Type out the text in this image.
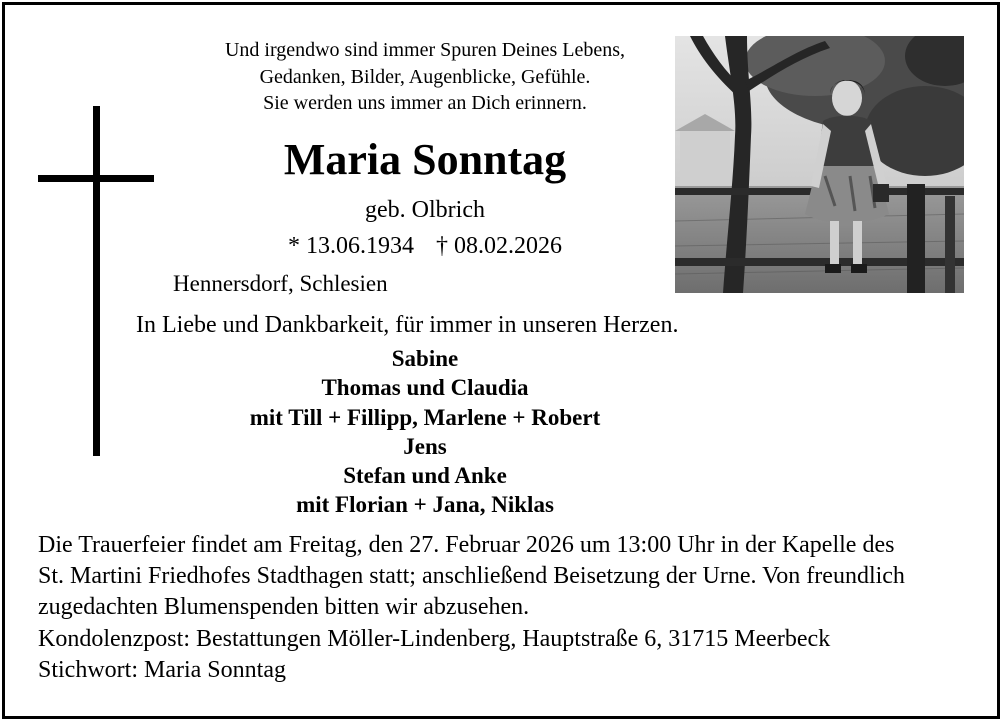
Und irgendwo sind immer Spuren Deines Lebens,
Gedanken, Bilder, Augenblicke, Gefühle.
Sie werden uns immer an Dich erinnern.
Maria Sonntag
geb. Olbrich
* 13.06.1934 † 08.02.2026
Hennersdorf, Schlesien
In Liebe und Dankbarkeit, für immer in unseren Herzen.
Sabine
Thomas und Claudia
mit Till + Fillipp, Marlene + Robert
Jens
Stefan und Anke
mit Florian + Jana, Niklas
Die Trauerfeier findet am Freitag, den 27. Februar 2026 um 13:00 Uhr in der Kapelle des
St. Martini Friedhofes Stadthagen statt; anschließend Beisetzung der Urne. Von freundlich
zugedachten Blumenspenden bitten wir abzusehen.
Kondolenzpost: Bestattungen Möller-Lindenberg, Hauptstraße 6, 31715 Meerbeck
Stichwort: Maria Sonntag
